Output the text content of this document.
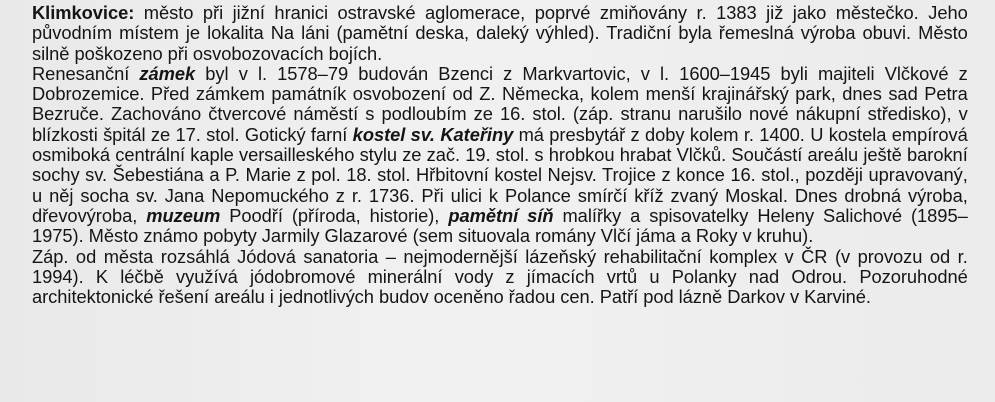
Klimkovice: město při jižní hranici ostravské aglomerace, poprvé zmiňovány r. 1383 již jako městečko. Jeho původním místem je lokalita Na láni (pamětní deska, daleký výhled). Tradiční byla řemeslná výroba obuvi. Město silně poškozeno při osvobozovacích bojích.

Renesanční zámek byl v l. 1578–79 budován Bzenci z Markvartovic, v l. 1600–1945 byli majiteli Vlčkové z Dobrozemice. Před zámkem památník osvobození od Z. Německa, kolem menší krajinářský park, dnes sad Petra Bezruče. Zachováno čtvercové náměstí s podloubím ze 16. stol. (záp. stranu narušilo nové nákupní středisko), v blízkosti špitál ze 17. stol. Gotický farní kostel sv. Kateřiny má presbytář z doby kolem r. 1400. U kostela empírová osmiboká centrální kaple versailleského stylu ze zač. 19. stol. s hrobkou hrabat Vlčků. Součástí areálu ještě barokní sochy sv. Šebestiána a P. Marie z pol. 18. stol. Hřbitovní kostel Nejsv. Trojice z konce 16. stol., později upravovaný, u něj socha sv. Jana Nepomuckého z r. 1736. Při ulici k Polance smírčí kříž zvaný Moskal. Dnes drobná výroba, dřevovýroba, muzeum Poodří (příroda, historie), pamětní síň malířky a spisovatelky Heleny Salichové (1895–1975). Město známo pobyty Jarmily Glazarové (sem situovala romány Vlčí jáma a Roky v kruhu).

Záp. od města rozsáhlá Jódová sanatoria – nejmodernější lázeňský rehabilitační komplex v ČR (v provozu od r. 1994). K léčbě využívá jódobromové minerální vody z jímacích vrtů u Polanky nad Odrou. Pozoruhodné architektonické řešení areálu i jednotlivých budov oceněno řadou cen. Patří pod lázně Darkov v Karviné.
